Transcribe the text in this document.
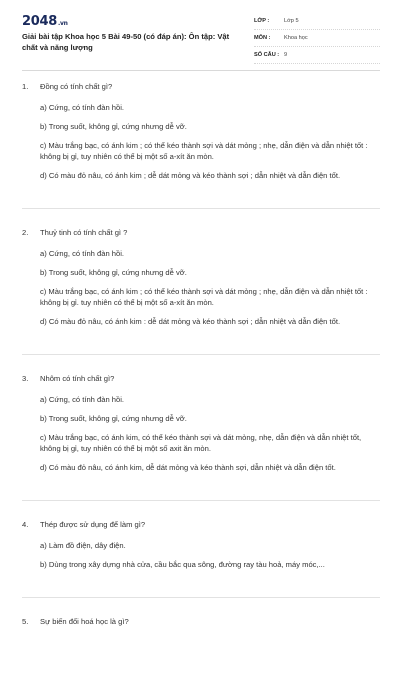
2048.vn
Giải bài tập Khoa học 5 Bài 49-50 (có đáp án): Ôn tập: Vật chất và năng lượng
LỚP :	Lớp 5
MÔN : Khoa học
SỐ CÂU : 9
1. Đồng có tính chất gì?
a) Cứng, có tính đàn hồi.
b) Trong suốt, không gỉ, cứng nhưng dễ vỡ.
c) Màu trắng bạc, có ánh kim ; có thể kéo thành sợi và dát mỏng ; nhẹ, dẫn điện và dẫn nhiệt tốt : không bị gỉ, tuy nhiên có thể bị một số a-xít ăn mòn.
d) Có màu đỏ nâu, có ánh kim ; dễ dát mỏng và kéo thành sợi ; dẫn nhiệt và dẫn điện tốt.
2. Thuỷ tinh có tính chất gì ?
a) Cứng, có tính đàn hồi.
b) Trong suốt, không gỉ, cứng nhưng dễ vỡ.
c) Màu trắng bạc, có ánh kim ; có thể kéo thành sợi và dát mỏng ; nhẹ, dẫn điện và dẫn nhiệt tốt : không bị gỉ. tuy nhiên có thể bị một số a-xít ăn mòn.
d) Có màu đỏ nâu, có ánh kim : dễ dát mỏng và kéo thành sợi ; dẫn nhiệt và dẫn điện tốt.
3. Nhôm có tính chất gì?
a) Cứng, có tính đàn hồi.
b) Trong suốt, không gỉ, cứng nhưng dễ vỡ.
c) Màu trắng bạc, có ánh kim, có thể kéo thành sợi và dát mỏng, nhẹ, dẫn điện và dẫn nhiệt tốt, không bị gỉ, tuy nhiên có thể bị một số axit ăn mòn.
d) Có màu đỏ nâu, có ánh kim, dễ dát mỏng và kéo thành sợi, dẫn nhiệt và dẫn điện tốt.
4. Thép được sử dụng để làm gì?
a) Làm đồ điện, dây điện.
b) Dùng trong xây dựng nhà cửa, cầu bắc qua sông, đường ray tàu hoả, máy móc,...
5. Sự biến đổi hoá học là gì?
